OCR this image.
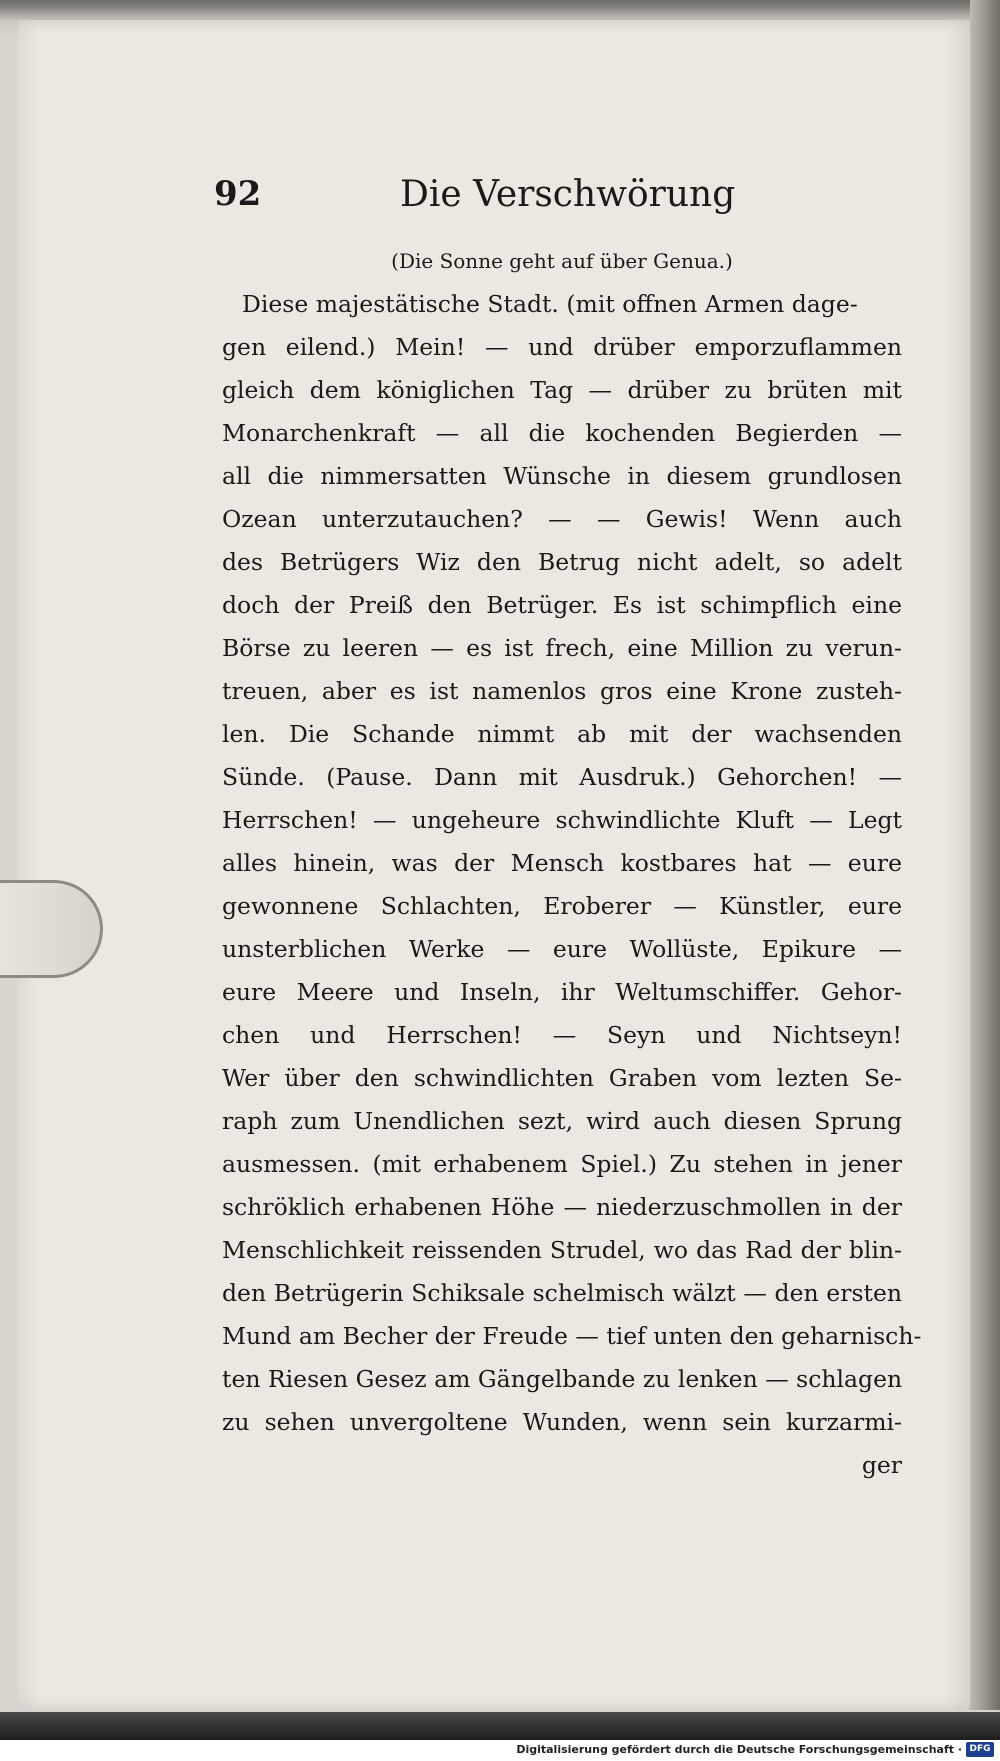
92	Die Verschwörung
(Die Sonne geht auf über Genua.)
Diese majestätische Stadt. (mit offnen Armen dage-
gen eilend.) Mein! — und drüber emporzuflammen
gleich dem königlichen Tag — drüber zu brüten mit
Monarchenkraft — all die kochenden Begierden —
all die nimmersatten Wünsche in diesem grundlosen
Ozean unterzutauchen? — — Gewis! Wenn auch
des Betrügers Wiz den Betrug nicht adelt, so adelt
doch der Preiß den Betrüger. Es ist schimpflich eine
Börse zu leeren — es ist frech, eine Million zu verun-
treuen, aber es ist namenlos gros eine Krone zusteh-
len. Die Schande nimmt ab mit der wachsenden
Sünde. (Pause. Dann mit Ausdruk.) Gehorchen! —
Herrschen! — ungeheure schwindlichte Kluft — Legt
alles hinein, was der Mensch kostbares hat — eure
gewonnene Schlachten, Eroberer — Künstler, eure
unsterblichen Werke — eure Wollüste, Epikure —
eure Meere und Inseln, ihr Weltumschiffer. Gehor-
chen und Herrschen! — Seyn und Nichtseyn!
Wer über den schwindlichten Graben vom lezten Se-
raph zum Unendlichen sezt, wird auch diesen Sprung
ausmessen. (mit erhabenem Spiel.) Zu stehen in jener
schröklich erhabenen Höhe — niederzuschmollen in der
Menschlichkeit reissenden Strudel, wo das Rad der blin-
den Betrügerin Schiksale schelmisch wälzt — den ersten
Mund am Becher der Freude — tief unten den geharnisch-
ten Riesen Gesez am Gängelbande zu lenken — schlagen
zu sehen unvergoltene Wunden, wenn sein kurzarmi-
ger
Digitalisierung gefördert durch die Deutsche Forschungsgemeinschaft · DFG
